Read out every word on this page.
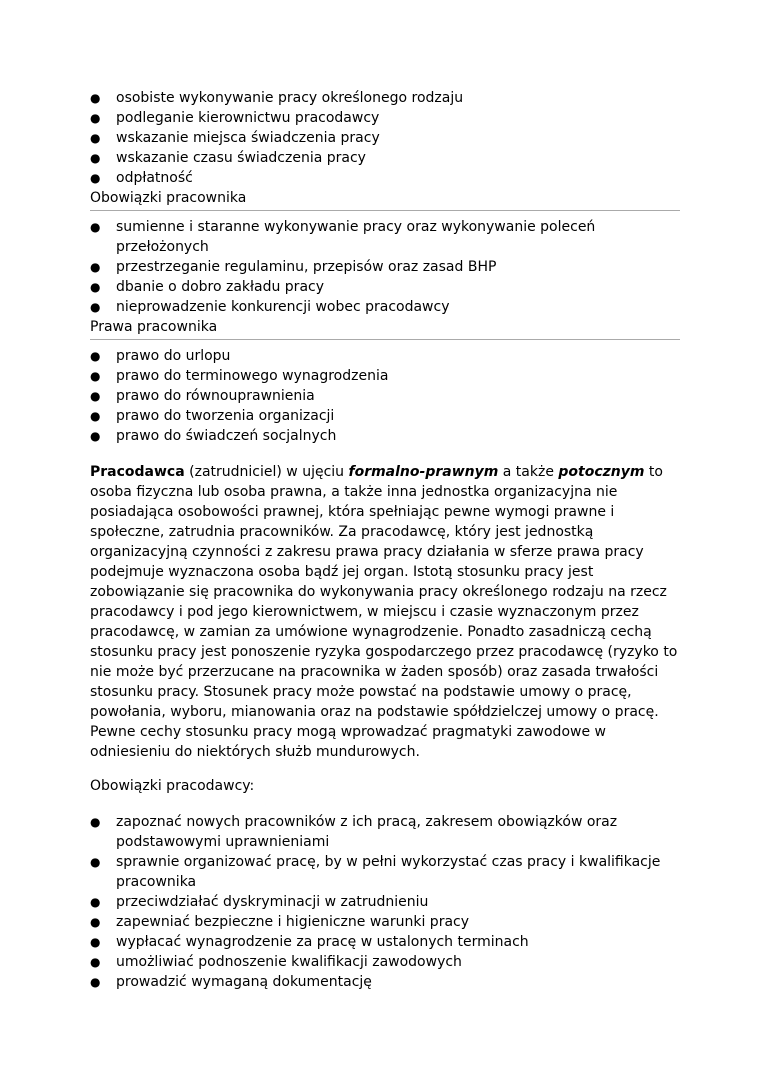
●	osobiste wykonywanie pracy określonego rodzaju
●	podleganie kierownictwu pracodawcy
●	wskazanie miejsca świadczenia pracy
●	wskazanie czasu świadczenia pracy
●	odpłatność
Obowiązki pracownika
●	sumienne i staranne wykonywanie pracy oraz wykonywanie poleceń przełożonych
●	przestrzeganie regulaminu, przepisów oraz zasad BHP
●	dbanie o dobro zakładu pracy
●	nieprowadzenie konkurencji wobec pracodawcy
Prawa pracownika
●	prawo do urlopu
●	prawo do terminowego wynagrodzenia
●	prawo do równouprawnienia
●	prawo do tworzenia organizacji
●	prawo do świadczeń socjalnych

Pracodawca (zatrudniciel) w ujęciu formalno-prawnym a także potocznym to osoba fizyczna lub osoba prawna, a także inna jednostka organizacyjna nie posiadająca osobowości prawnej, która spełniając pewne wymogi prawne i społeczne, zatrudnia pracowników. Za pracodawcę, który jest jednostką organizacyjną czynności z zakresu prawa pracy działania w sferze prawa pracy podejmuje wyznaczona osoba bądź jej organ. Istotą stosunku pracy jest zobowiązanie się pracownika do wykonywania pracy określonego rodzaju na rzecz pracodawcy i pod jego kierownictwem, w miejscu i czasie wyznaczonym przez pracodawcę, w zamian za umówione wynagrodzenie. Ponadto zasadniczą cechą stosunku pracy jest ponoszenie ryzyka gospodarczego przez pracodawcę (ryzyko to nie może być przerzucane na pracownika w żaden sposób) oraz zasada trwałości stosunku pracy. Stosunek pracy może powstać na podstawie umowy o pracę, powołania, wyboru, mianowania oraz na podstawie spółdzielczej umowy o pracę. Pewne cechy stosunku pracy mogą wprowadzać pragmatyki zawodowe w odniesieniu do niektórych służb mundurowych.

Obowiązki pracodawcy:
●	zapoznać nowych pracowników z ich pracą, zakresem obowiązków oraz podstawowymi uprawnieniami
●	sprawnie organizować pracę, by w pełni wykorzystać czas pracy i kwalifikacje pracownika
●	przeciwdziałać dyskryminacji w zatrudnieniu
●	zapewniać bezpieczne i higieniczne warunki pracy
●	wypłacać wynagrodzenie za pracę w ustalonych terminach
●	umożliwiać podnoszenie kwalifikacji zawodowych
●	prowadzić wymaganą dokumentację
